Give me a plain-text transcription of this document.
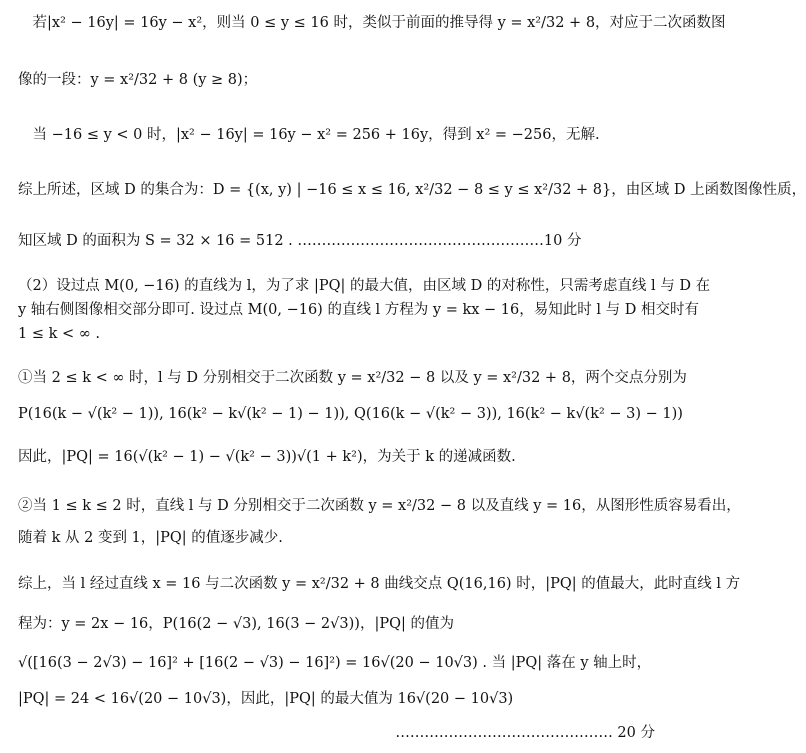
　若|x² − 16y| = 16y − x²，则当 0 ≤ y ≤ 16 时，类似于前面的推导得 y = x²/32 + 8，对应于二次函数图
像的一段：y = x²/32 + 8 (y ≥ 8)；
　当 −16 ≤ y < 0 时，|x² − 16y| = 16y − x² = 256 + 16y，得到 x² = −256，无解.
综上所述，区域 D 的集合为：D = {(x, y) | −16 ≤ x ≤ 16, x²/32 − 8 ≤ y ≤ x²/32 + 8}，由区域 D 上函数图像性质，
知区域 D 的面积为 S = 32 × 16 = 512 . ……………………………………………10 分
（2）设过点 M(0, −16) 的直线为 l，为了求 |PQ| 的最大值，由区域 D 的对称性，只需考虑直线 l 与 D 在
y 轴右侧图像相交部分即可. 设过点 M(0, −16) 的直线 l 方程为 y = kx − 16，易知此时 l 与 D 相交时有
1 ≤ k < ∞ .
①当 2 ≤ k < ∞ 时，l 与 D 分别相交于二次函数 y = x²/32 − 8 以及 y = x²/32 + 8，两个交点分别为
P(16(k − √(k² − 1)), 16(k² − k√(k² − 1) − 1)), Q(16(k − √(k² − 3)), 16(k² − k√(k² − 3) − 1))
因此，|PQ| = 16(√(k² − 1) − √(k² − 3))√(1 + k²)，为关于 k 的递减函数.
②当 1 ≤ k ≤ 2 时，直线 l 与 D 分别相交于二次函数 y = x²/32 − 8 以及直线 y = 16，从图形性质容易看出，
随着 k 从 2 变到 1，|PQ| 的值逐步减少.
综上，当 l 经过直线 x = 16 与二次函数 y = x²/32 + 8 曲线交点 Q(16,16) 时，|PQ| 的值最大，此时直线 l 方
程为：y = 2x − 16，P(16(2 − √3), 16(3 − 2√3))，|PQ| 的值为
√([16(3 − 2√3) − 16]² + [16(2 − √3) − 16]²) = 16√(20 − 10√3) . 当 |PQ| 落在 y 轴上时，
|PQ| = 24 < 16√(20 − 10√3)，因此，|PQ| 的最大值为 16√(20 − 10√3)
……………………………………… 20 分
